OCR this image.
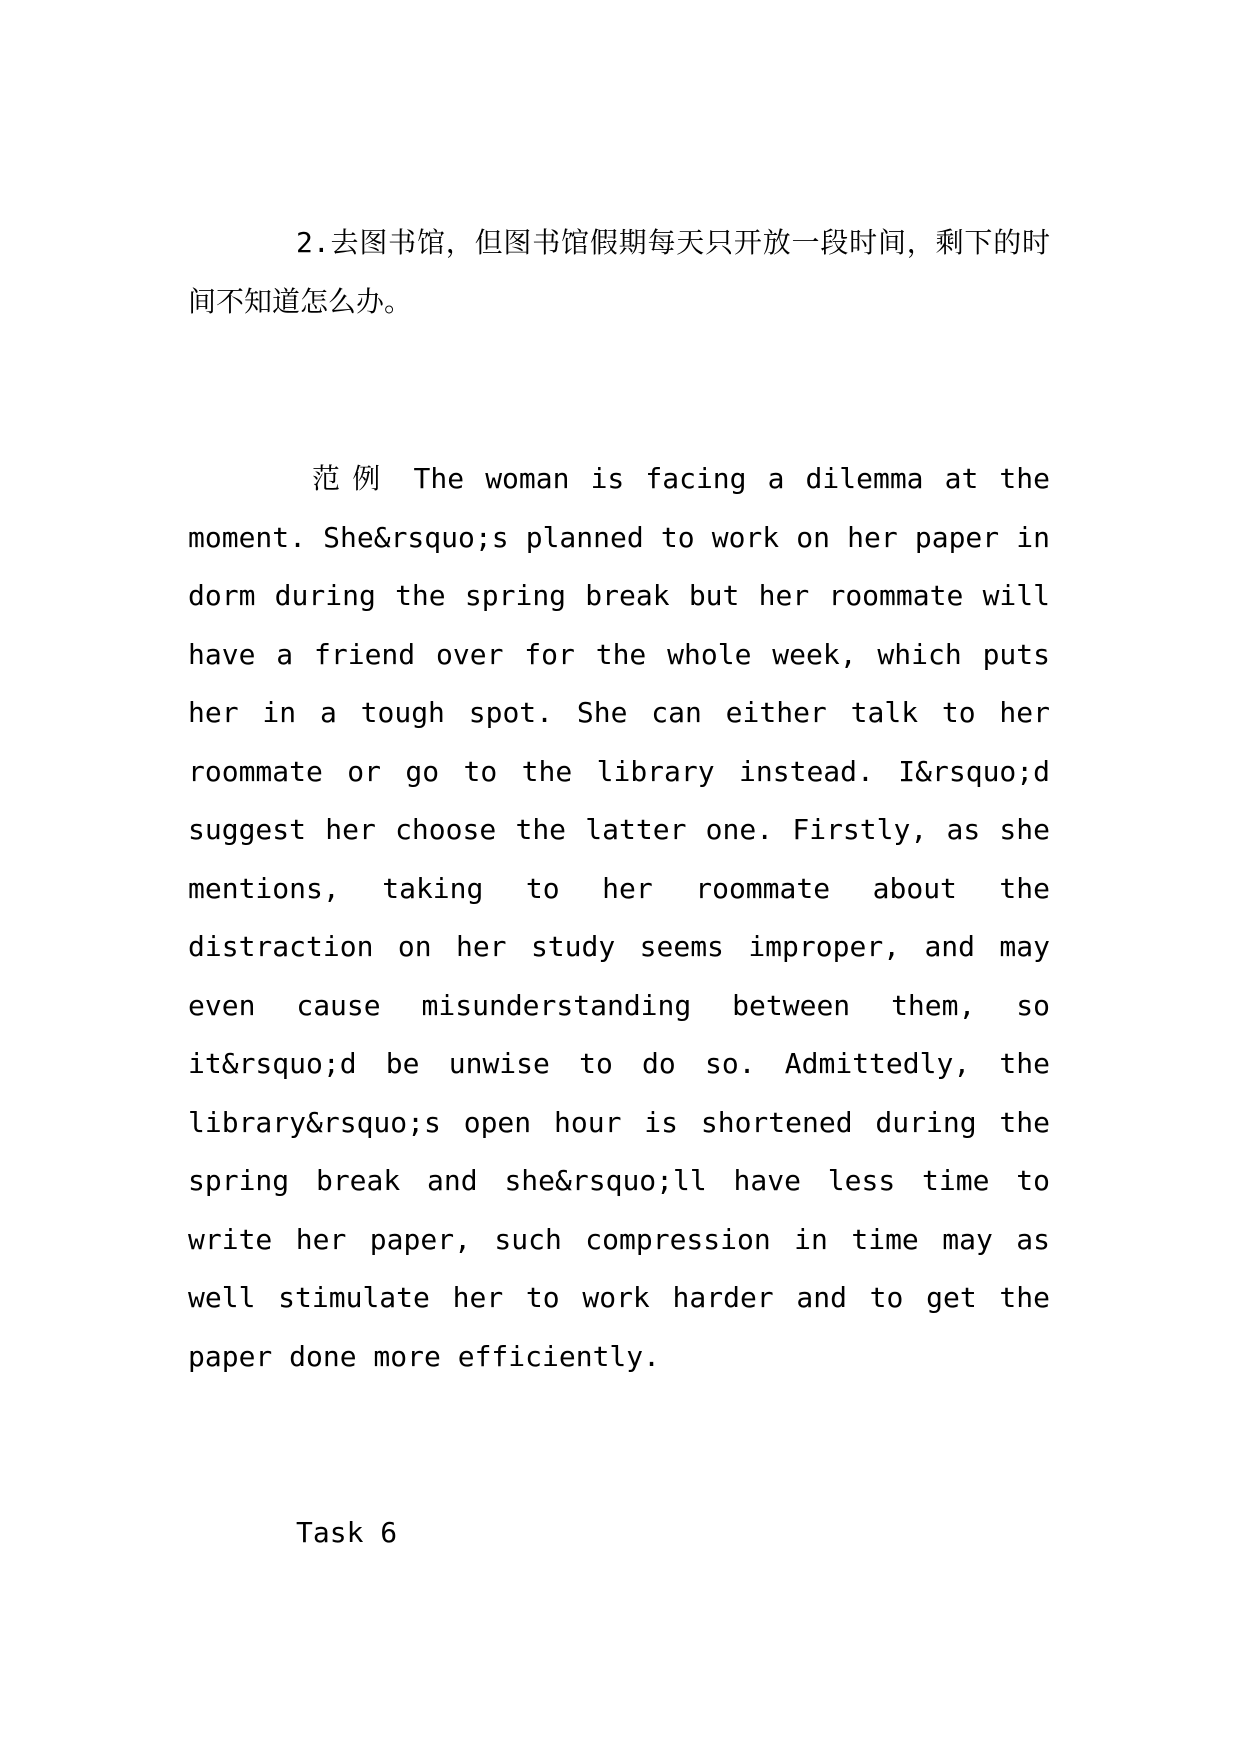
2.去图书馆，但图书馆假期每天只开放一段时间，剩下的时间不知道怎么办。

范例 The woman is facing a dilemma at the moment. She&rsquo;s planned to work on her paper in dorm during the spring break but her roommate will have a friend over for the whole week, which puts her in a tough spot. She can either talk to her roommate or go to the library instead. I&rsquo;d suggest her choose the latter one. Firstly, as she mentions, taking to her roommate about the distraction on her study seems improper, and may even cause misunderstanding between them, so it&rsquo;d be unwise to do so. Admittedly, the library&rsquo;s open hour is shortened during the spring break and she&rsquo;ll have less time to write her paper, such compression in time may as well stimulate her to work harder and to get the paper done more efficiently.

Task 6
